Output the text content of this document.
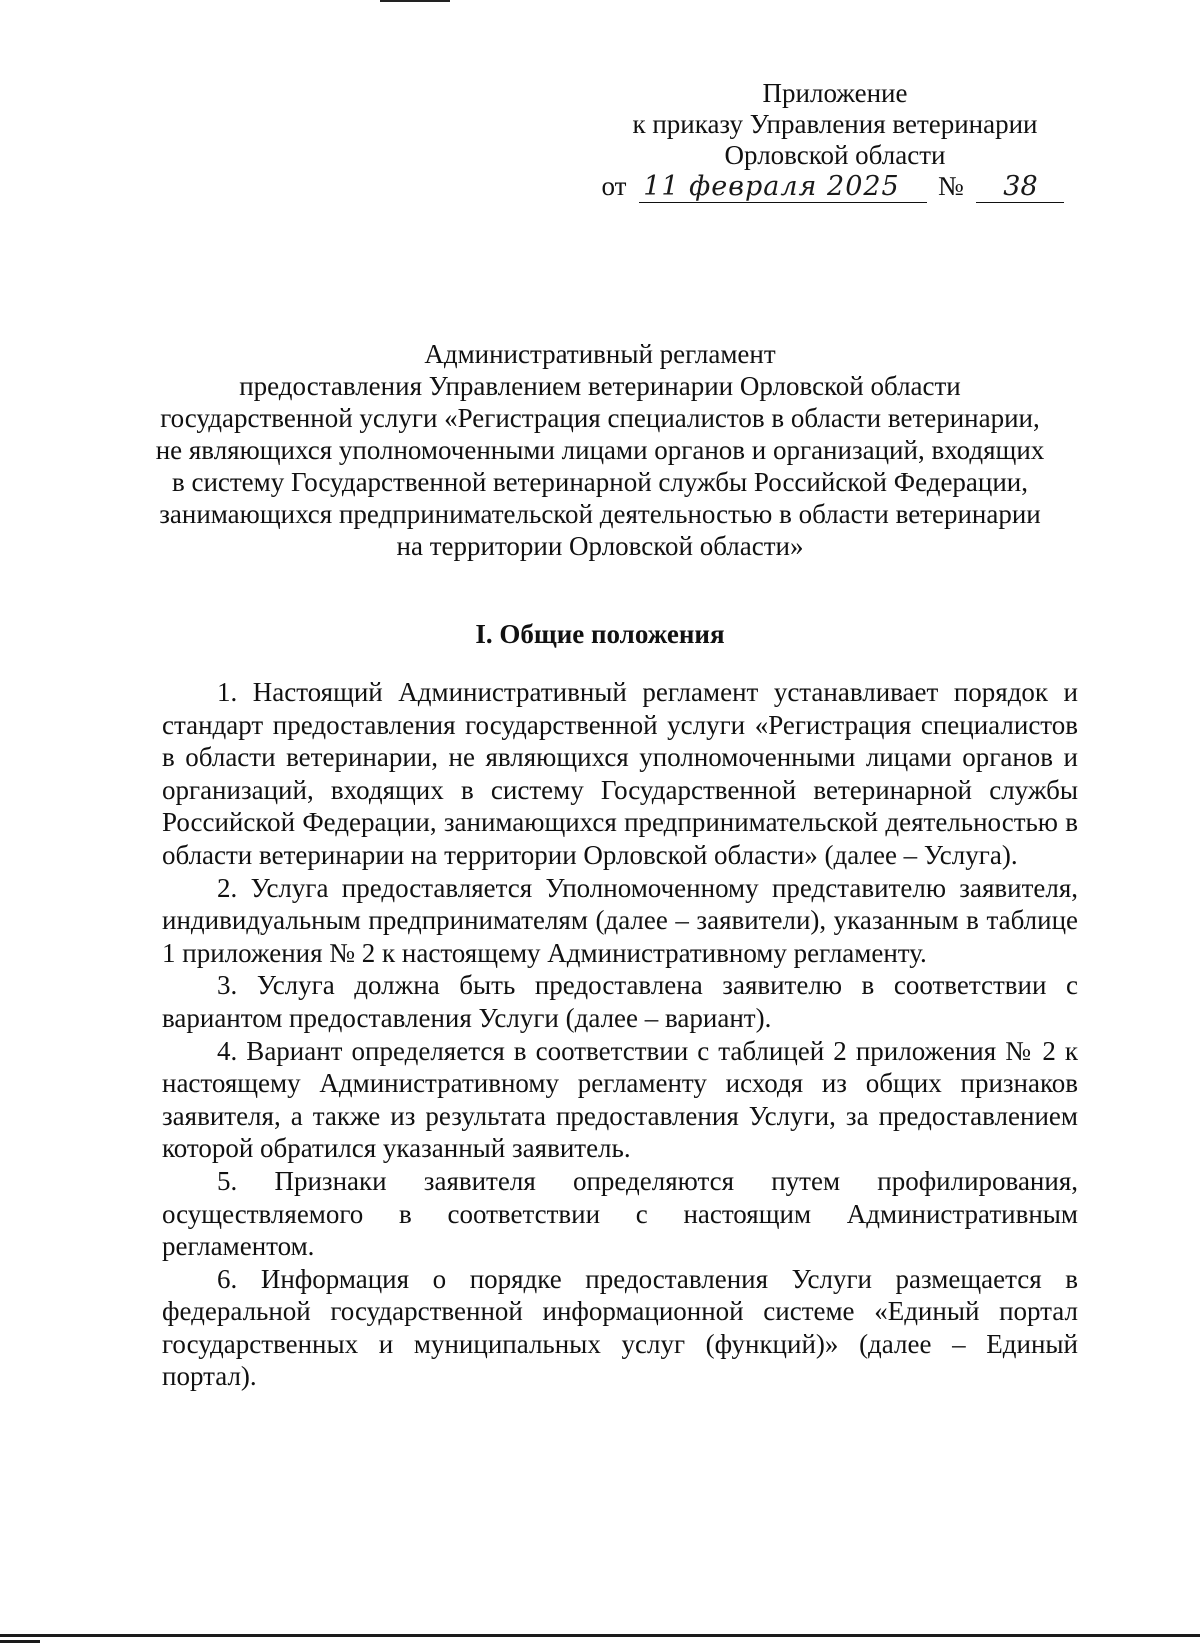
Приложение
к приказу Управления ветеринарии
Орловской области
от 11 февраля 2025 № 38
Административный регламент
предоставления Управлением ветеринарии Орловской области
государственной услуги «Регистрация специалистов в области ветеринарии,
не являющихся уполномоченными лицами органов и организаций, входящих
в систему Государственной ветеринарной службы Российской Федерации,
занимающихся предпринимательской деятельностью в области ветеринарии
на территории Орловской области»
I. Общие положения

1. Настоящий Административный регламент устанавливает порядок и стандарт предоставления государственной услуги «Регистрация специалистов в области ветеринарии, не являющихся уполномоченными лицами органов и организаций, входящих в систему Государственной ветеринарной службы Российской Федерации, занимающихся предпринимательской деятельностью в области ветеринарии на территории Орловской области» (далее – Услуга).

2. Услуга предоставляется Уполномоченному представителю заявителя, индивидуальным предпринимателям (далее – заявители), указанным в таблице 1 приложения № 2 к настоящему Административному регламенту.

3. Услуга должна быть предоставлена заявителю в соответствии с вариантом предоставления Услуги (далее – вариант).

4. Вариант определяется в соответствии с таблицей 2 приложения № 2 к настоящему Административному регламенту исходя из общих признаков заявителя, а также из результата предоставления Услуги, за предоставлением которой обратился указанный заявитель.

5. Признаки заявителя определяются путем профилирования, осуществляемого в соответствии с настоящим Административным регламентом.

6. Информация о порядке предоставления Услуги размещается в федеральной государственной информационной системе «Единый портал государственных и муниципальных услуг (функций)» (далее – Единый портал).
